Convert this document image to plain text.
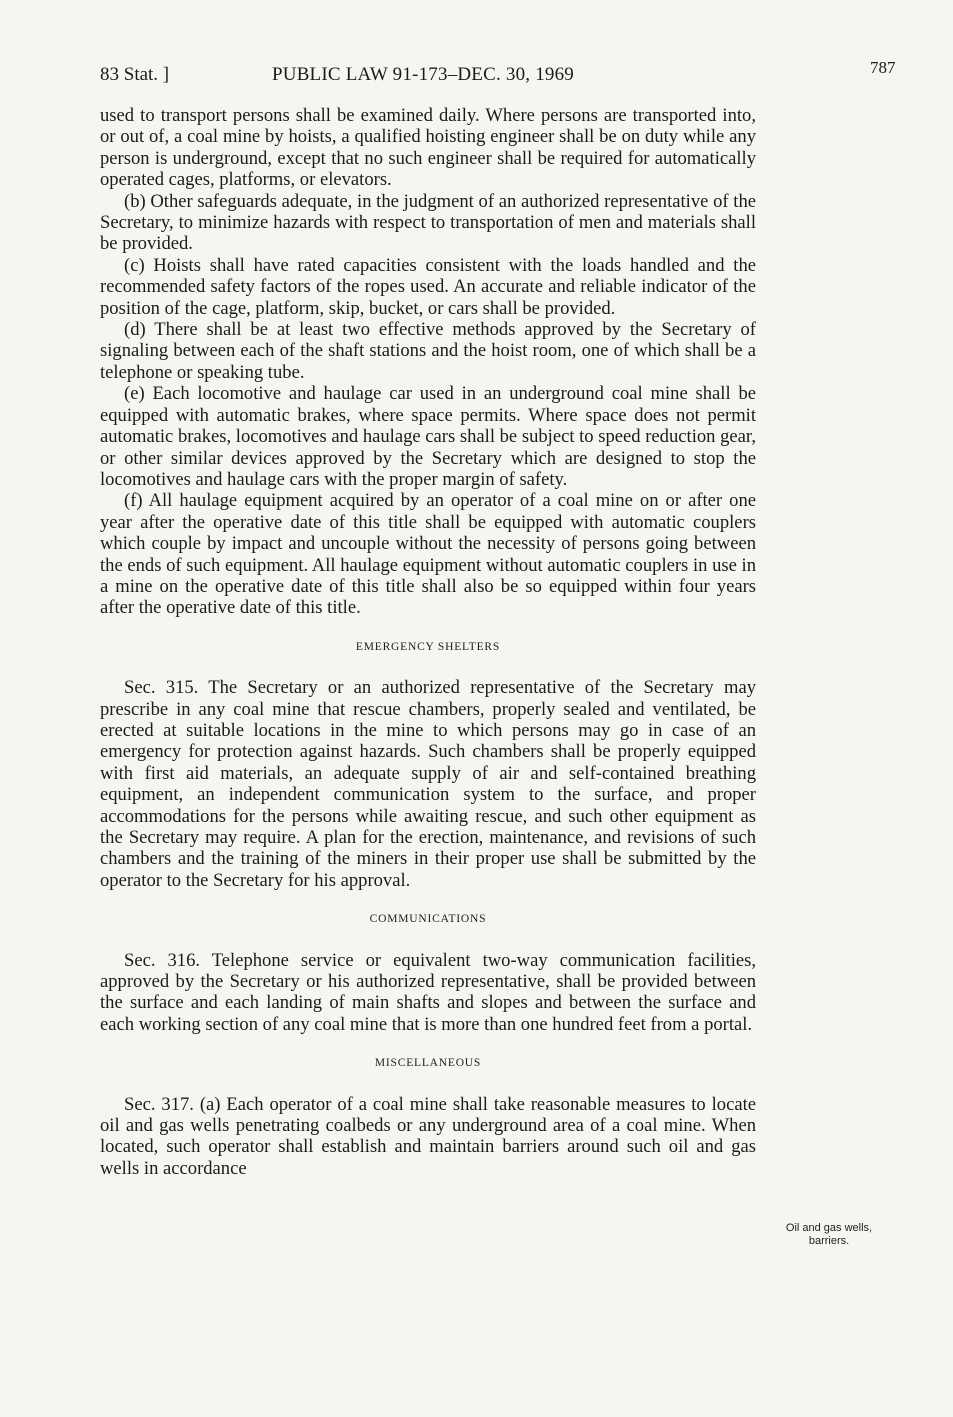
83 Stat. ]	PUBLIC LAW 91-173–DEC. 30, 1969	787

used to transport persons shall be examined daily. Where persons are transported into, or out of, a coal mine by hoists, a qualified hoisting engineer shall be on duty while any person is underground, except that no such engineer shall be required for automatically operated cages, platforms, or elevators.

(b) Other safeguards adequate, in the judgment of an authorized representative of the Secretary, to minimize hazards with respect to transportation of men and materials shall be provided.

(c) Hoists shall have rated capacities consistent with the loads handled and the recommended safety factors of the ropes used. An accurate and reliable indicator of the position of the cage, platform, skip, bucket, or cars shall be provided.

(d) There shall be at least two effective methods approved by the Secretary of signaling between each of the shaft stations and the hoist room, one of which shall be a telephone or speaking tube.

(e) Each locomotive and haulage car used in an underground coal mine shall be equipped with automatic brakes, where space permits. Where space does not permit automatic brakes, locomotives and haulage cars shall be subject to speed reduction gear, or other similar devices approved by the Secretary which are designed to stop the locomotives and haulage cars with the proper margin of safety.

(f) All haulage equipment acquired by an operator of a coal mine on or after one year after the operative date of this title shall be equipped with automatic couplers which couple by impact and uncouple without the necessity of persons going between the ends of such equipment. All haulage equipment without automatic couplers in use in a mine on the operative date of this title shall also be so equipped within four years after the operative date of this title.

EMERGENCY SHELTERS

Sec. 315. The Secretary or an authorized representative of the Secretary may prescribe in any coal mine that rescue chambers, properly sealed and ventilated, be erected at suitable locations in the mine to which persons may go in case of an emergency for protection against hazards. Such chambers shall be properly equipped with first aid materials, an adequate supply of air and self-contained breathing equipment, an independent communication system to the surface, and proper accommodations for the persons while awaiting rescue, and such other equipment as the Secretary may require. A plan for the erection, maintenance, and revisions of such chambers and the training of the miners in their proper use shall be submitted by the operator to the Secretary for his approval.

COMMUNICATIONS

Sec. 316. Telephone service or equivalent two-way communication facilities, approved by the Secretary or his authorized representative, shall be provided between the surface and each landing of main shafts and slopes and between the surface and each working section of any coal mine that is more than one hundred feet from a portal.

MISCELLANEOUS

Sec. 317. (a) Each operator of a coal mine shall take reasonable measures to locate oil and gas wells penetrating coalbeds or any underground area of a coal mine. When located, such operator shall establish and maintain barriers around such oil and gas wells in accordance

Oil and gas wells, barriers.
